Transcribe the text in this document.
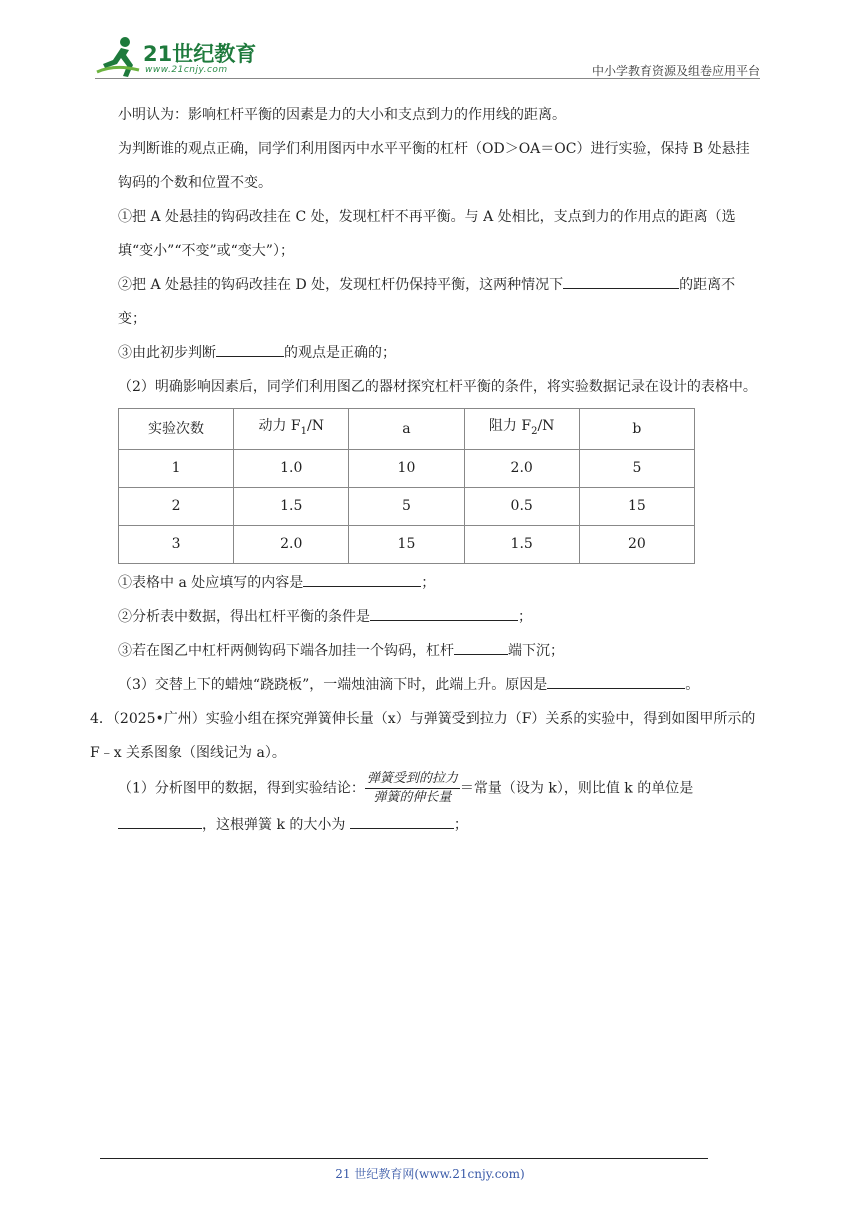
21世纪教育
www.21cnjy.com	中小学教育资源及组卷应用平台

小明认为：影响杠杆平衡的因素是力的大小和支点到力的作用线的距离。

为判断谁的观点正确，同学们利用图丙中水平平衡的杠杆（OD＞OA＝OC）进行实验，保持 B 处悬挂钩码的个数和位置不变。

①把 A 处悬挂的钩码改挂在 C 处，发现杠杆不再平衡。与 A 处相比，支点到力的作用点的距离（选填“变小”“不变”或“变大”）；

②把 A 处悬挂的钩码改挂在 D 处，发现杠杆仍保持平衡，这两种情况下	的距离不变；

③由此初步判断	的观点是正确的；

（2）明确影响因素后，同学们利用图乙的器材探究杠杆平衡的条件，将实验数据记录在设计的表格中。

实验次数	动力 $F_1/N$	a	阻力 $F_2/N$	b
1	1.0	10	2.0	5
2	1.5	5	0.5	15
3	2.0	15	1.5	20

①表格中 a 处应填写的内容是	；

②分析表中数据，得出杠杆平衡的条件是	；

③若在图乙中杠杆两侧钩码下端各加挂一个钩码，杠杆	端下沉；

（3）交替上下的蜡烛“跷跷板”，一端烛油滴下时，此端上升。原因是	。

4．（2025•广州）实验小组在探究弹簧伸长量（x）与弹簧受到拉力（F）关系的实验中，得到如图甲所示的 F﹣x 关系图象（图线记为 a）。

（1）分析图甲的数据，得到实验结论： $\frac{\text{弹簧受到的拉力}}{\text{弹簧的伸长量}}$ ＝常量（设为 k），则比值 k 的单位是 ，这根弹簧 k 的大小为	；

21 世纪教育网(www.21cnjy.com)
